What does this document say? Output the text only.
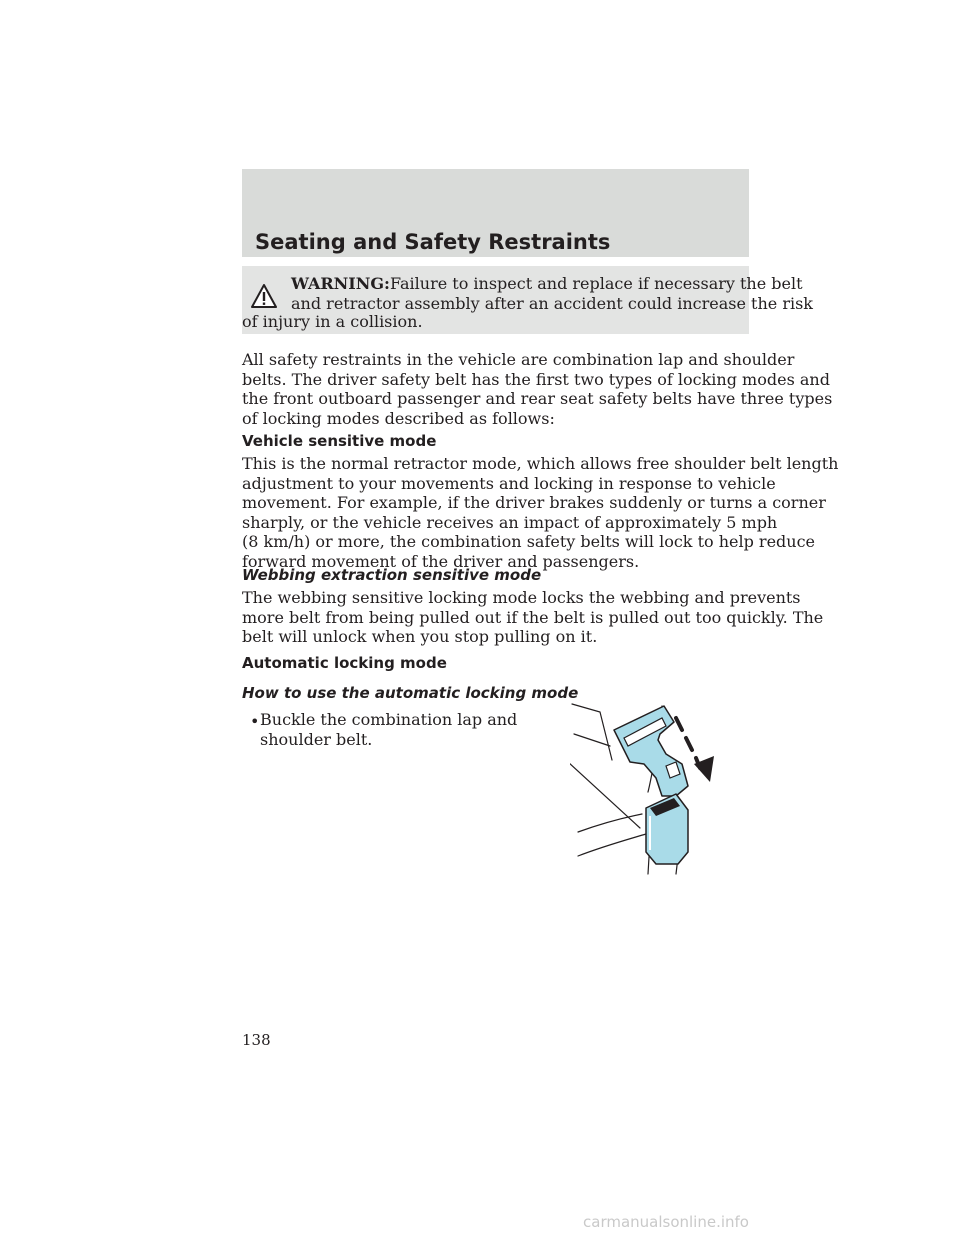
Seating and Safety Restraints
WARNING:Failure to inspect and replace if necessary the belt
and retractor assembly after an accident could increase the risk
of injury in a collision.
All safety restraints in the vehicle are combination lap and shoulder
belts. The driver safety belt has the first two types of locking modes and
the front outboard passenger and rear seat safety belts have three types
of locking modes described as follows:
Vehicle sensitive mode
This is the normal retractor mode, which allows free shoulder belt length
adjustment to your movements and locking in response to vehicle
movement. For example, if the driver brakes suddenly or turns a corner
sharply, or the vehicle receives an impact of approximately 5 mph
(8 km/h) or more, the combination safety belts will lock to help reduce
forward movement of the driver and passengers.
Webbing extraction sensitive mode
The webbing sensitive locking mode locks the webbing and prevents
more belt from being pulled out if the belt is pulled out too quickly. The
belt will unlock when you stop pulling on it.
Automatic locking mode
How to use the automatic locking mode
• Buckle the combination lap and
shoulder belt.
138
carmanualsonline.info
